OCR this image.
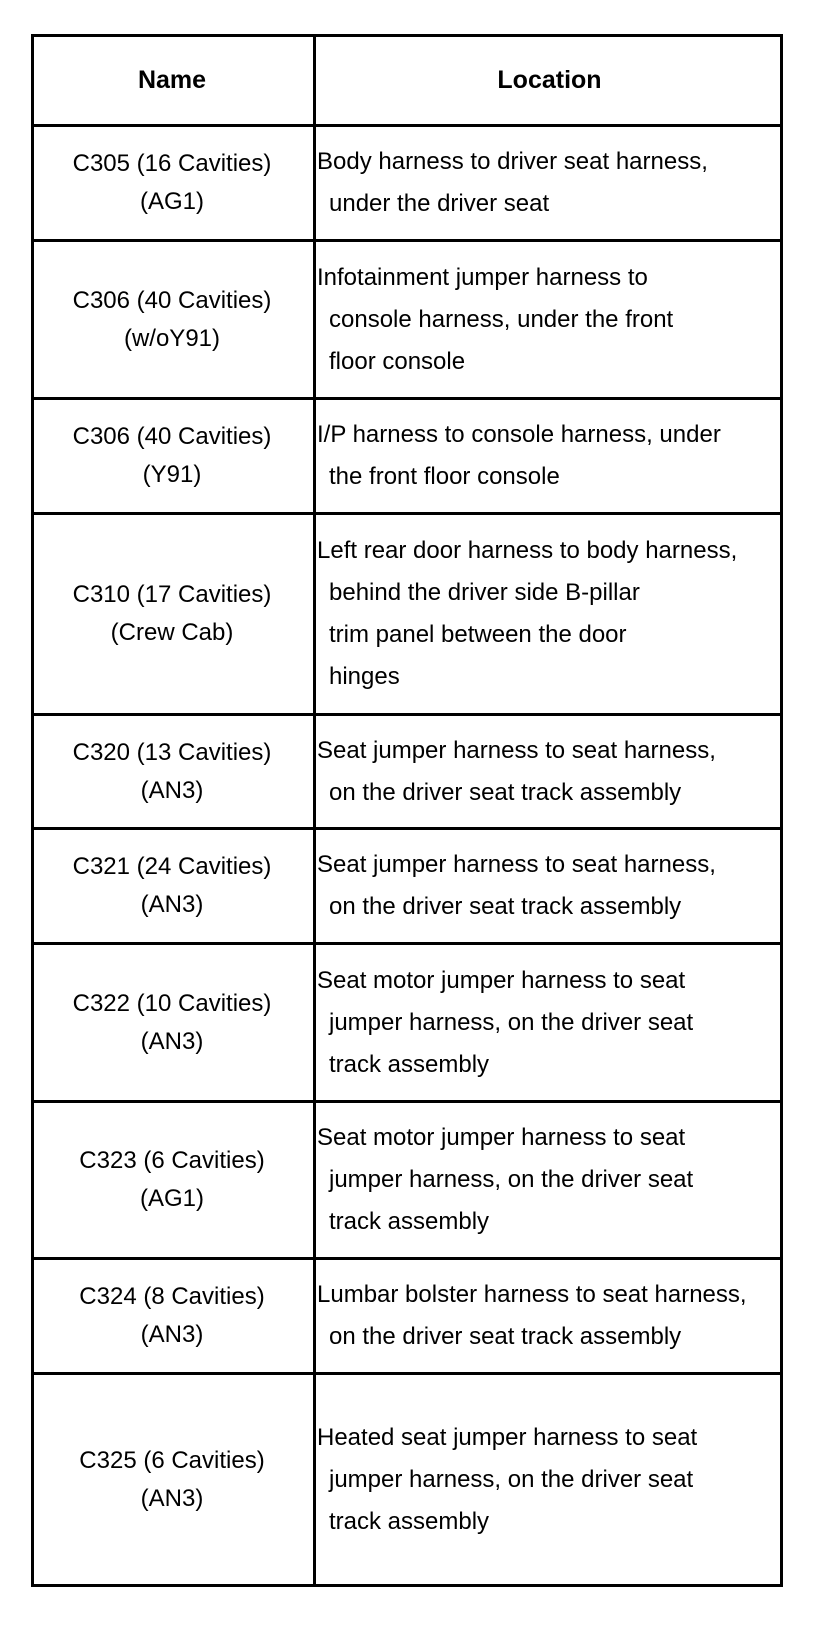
Name	Location
C305 (16 Cavities)
(AG1)
Body harness to driver seat harness,
under the driver seat
C306 (40 Cavities)
(w/oY91)
Infotainment jumper harness to
console harness, under the front
floor console
C306 (40 Cavities)
(Y91)
I/P harness to console harness, under
the front floor console
C310 (17 Cavities)
(Crew Cab)
Left rear door harness to body harness,
behind the driver side B-pillar
trim panel between the door
hinges
C320 (13 Cavities)
(AN3)
Seat jumper harness to seat harness,
on the driver seat track assembly
C321 (24 Cavities)
(AN3)
Seat jumper harness to seat harness,
on the driver seat track assembly
C322 (10 Cavities)
(AN3)
Seat motor jumper harness to seat
jumper harness, on the driver seat
track assembly
C323 (6 Cavities)
(AG1)
Seat motor jumper harness to seat
jumper harness, on the driver seat
track assembly
C324 (8 Cavities)
(AN3)
Lumbar bolster harness to seat harness,
on the driver seat track assembly
C325 (6 Cavities)
(AN3)
Heated seat jumper harness to seat
jumper harness, on the driver seat
track assembly
